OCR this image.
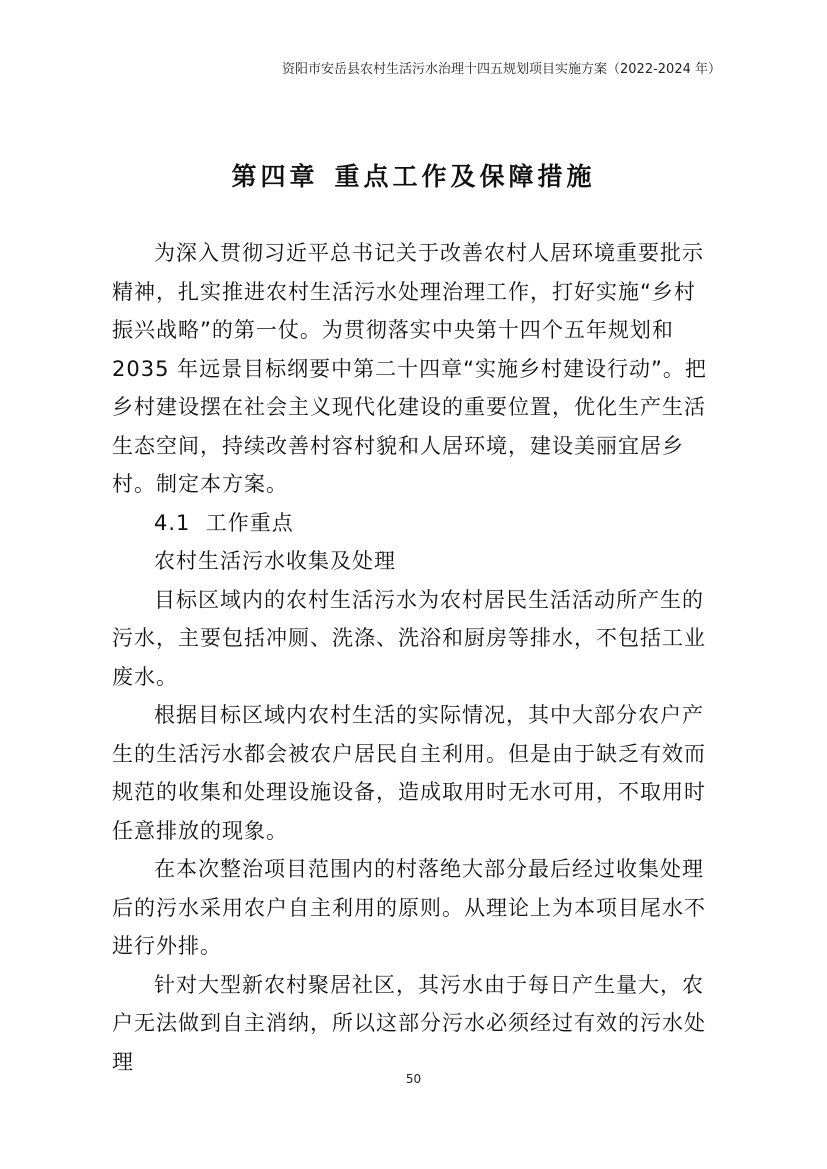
资阳市安岳县农村生活污水治理十四五规划项目实施方案（2022-2024 年）
第四章 重点工作及保障措施

为深入贯彻习近平总书记关于改善农村人居环境重要批示精神，扎实推进农村生活污水处理治理工作，打好实施“乡村振兴战略”的第一仗。为贯彻落实中央第十四个五年规划和 2035 年远景目标纲要中第二十四章“实施乡村建设行动”。把乡村建设摆在社会主义现代化建设的重要位置，优化生产生活生态空间，持续改善村容村貌和人居环境，建设美丽宜居乡村。制定本方案。

4.1  工作重点

农村生活污水收集及处理

目标区域内的农村生活污水为农村居民生活活动所产生的污水，主要包括冲厕、洗涤、洗浴和厨房等排水，不包括工业废水。

根据目标区域内农村生活的实际情况，其中大部分农户产生的生活污水都会被农户居民自主利用。但是由于缺乏有效而规范的收集和处理设施设备，造成取用时无水可用，不取用时任意排放的现象。

在本次整治项目范围内的村落绝大部分最后经过收集处理后的污水采用农户自主利用的原则。从理论上为本项目尾水不进行外排。

针对大型新农村聚居社区，其污水由于每日产生量大，农户无法做到自主消纳，所以这部分污水必须经过有效的污水处理

50
